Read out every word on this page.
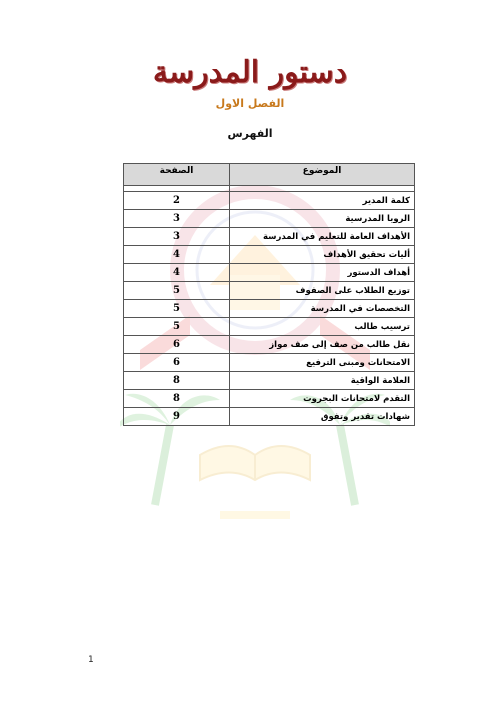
دستور المدرسة
الفصل الاول
الفهرس
الموضوع	الصفحة

كلمة المدير	2
الرويا المدرسية	3
الأهداف العامة للتعليم في المدرسة	3
أليات تحقيق الأهداف	4
أهداف الدستور	4
توزيع الطلاب على الصفوف	5
التخصصات في المدرسة	5
ترسيب طالب	5
نقل طالب من صف إلى صف مواز	6
الامتحانات ومبنى الترفيع	6
العلامة الواقية	8
التقدم لامتحانات البجروت	8
شهادات تقدير وتفوق	9
1
